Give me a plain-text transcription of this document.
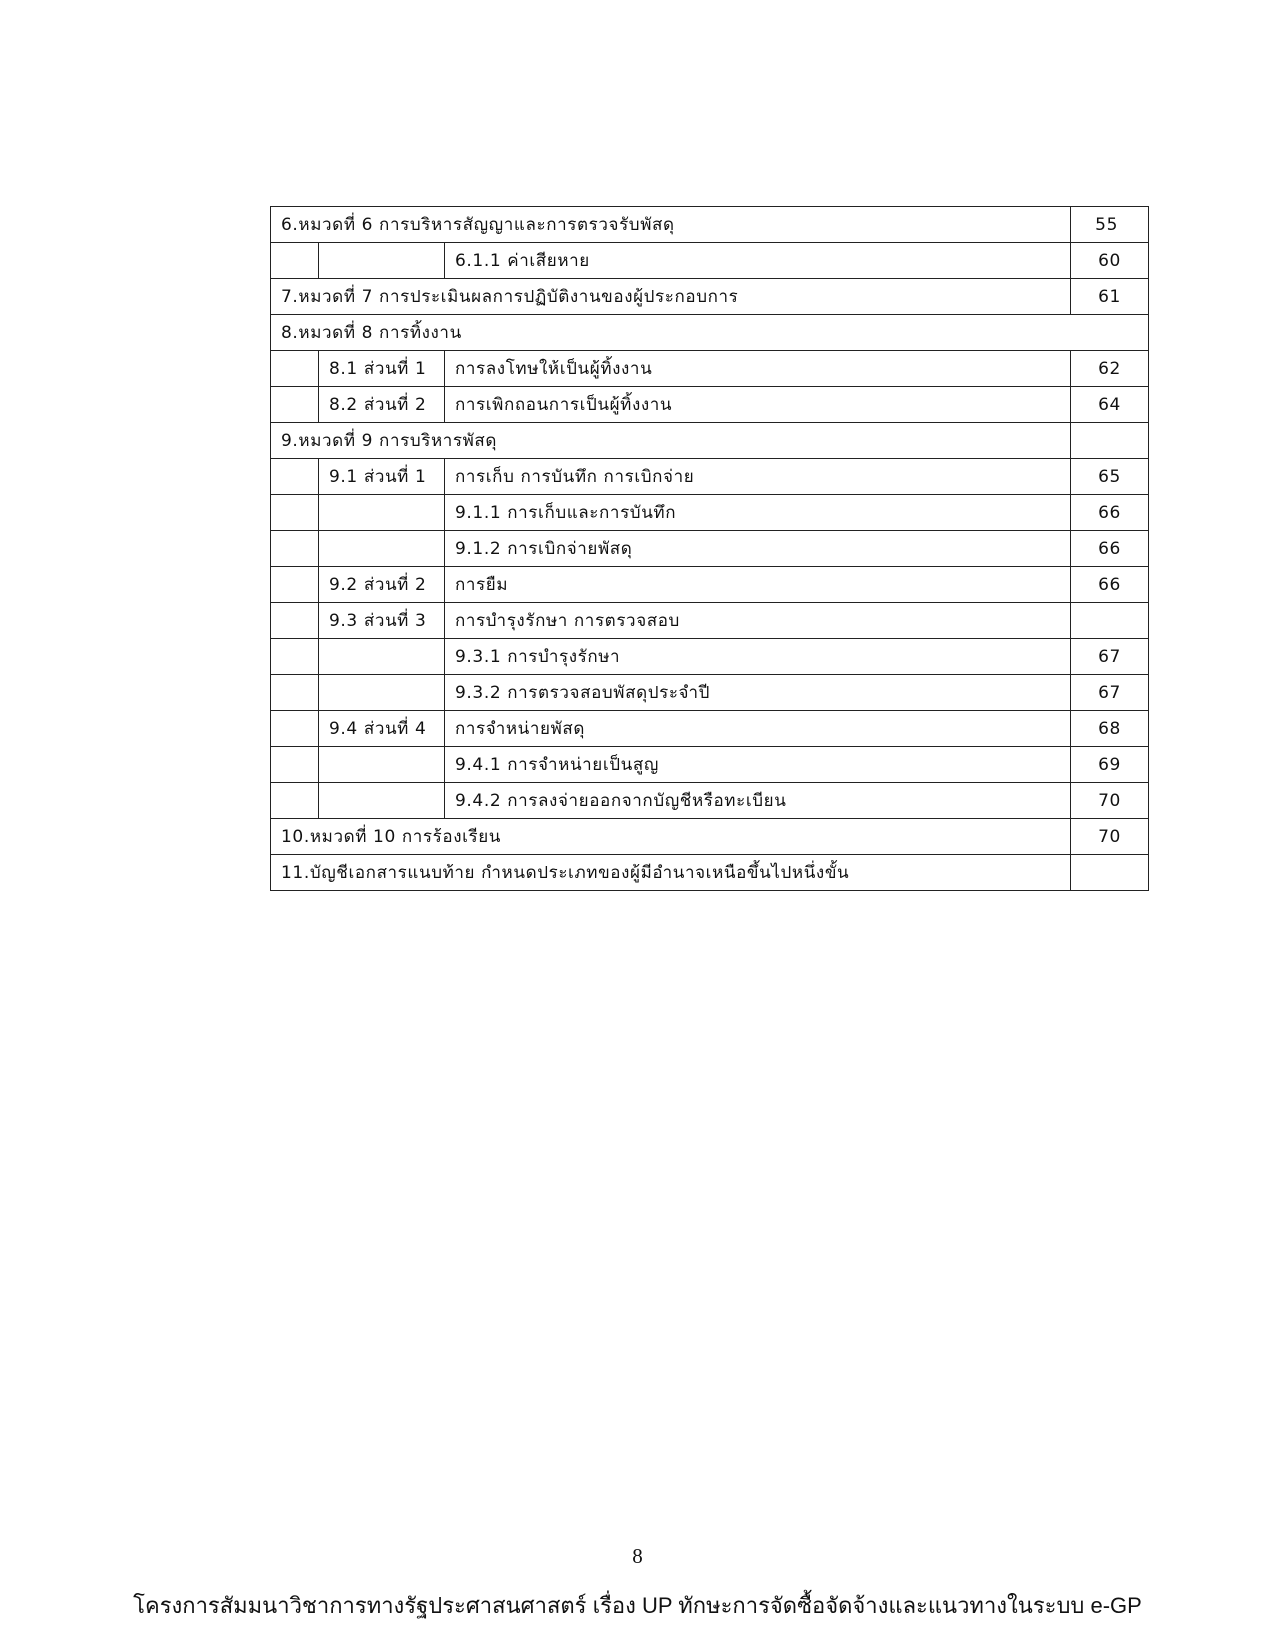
6.หมวดที่ 6 การบริหารสัญญาและการตรวจรับพัสดุ			55
		6.1.1 ค่าเสียหาย	60
7.หมวดที่ 7 การประเมินผลการปฏิบัติงานของผู้ประกอบการ			61
8.หมวดที่ 8 การทิ้งงาน			
	8.1 ส่วนที่ 1	การลงโทษให้เป็นผู้ทิ้งงาน	62
	8.2 ส่วนที่ 2	การเพิกถอนการเป็นผู้ทิ้งงาน	64
9.หมวดที่ 9 การบริหารพัสดุ			
	9.1 ส่วนที่ 1	การเก็บ การบันทึก การเบิกจ่าย	65
		9.1.1 การเก็บและการบันทึก	66
		9.1.2 การเบิกจ่ายพัสดุ	66
	9.2 ส่วนที่ 2	การยืม	66
	9.3 ส่วนที่ 3	การบำรุงรักษา การตรวจสอบ	
		9.3.1 การบำรุงรักษา	67
		9.3.2 การตรวจสอบพัสดุประจำปี	67
	9.4 ส่วนที่ 4	การจำหน่ายพัสดุ	68
		9.4.1 การจำหน่ายเป็นสูญ	69
		9.4.2 การลงจ่ายออกจากบัญชีหรือทะเบียน	70
10.หมวดที่ 10 การร้องเรียน			70
11.บัญชีเอกสารแนบท้าย กำหนดประเภทของผู้มีอำนาจเหนือขึ้นไปหนึ่งขั้น			
8
โครงการสัมมนาวิชาการทางรัฐประศาสนศาสตร์ เรื่อง UP ทักษะการจัดซื้อจัดจ้างและแนวทางในระบบ e-GP
